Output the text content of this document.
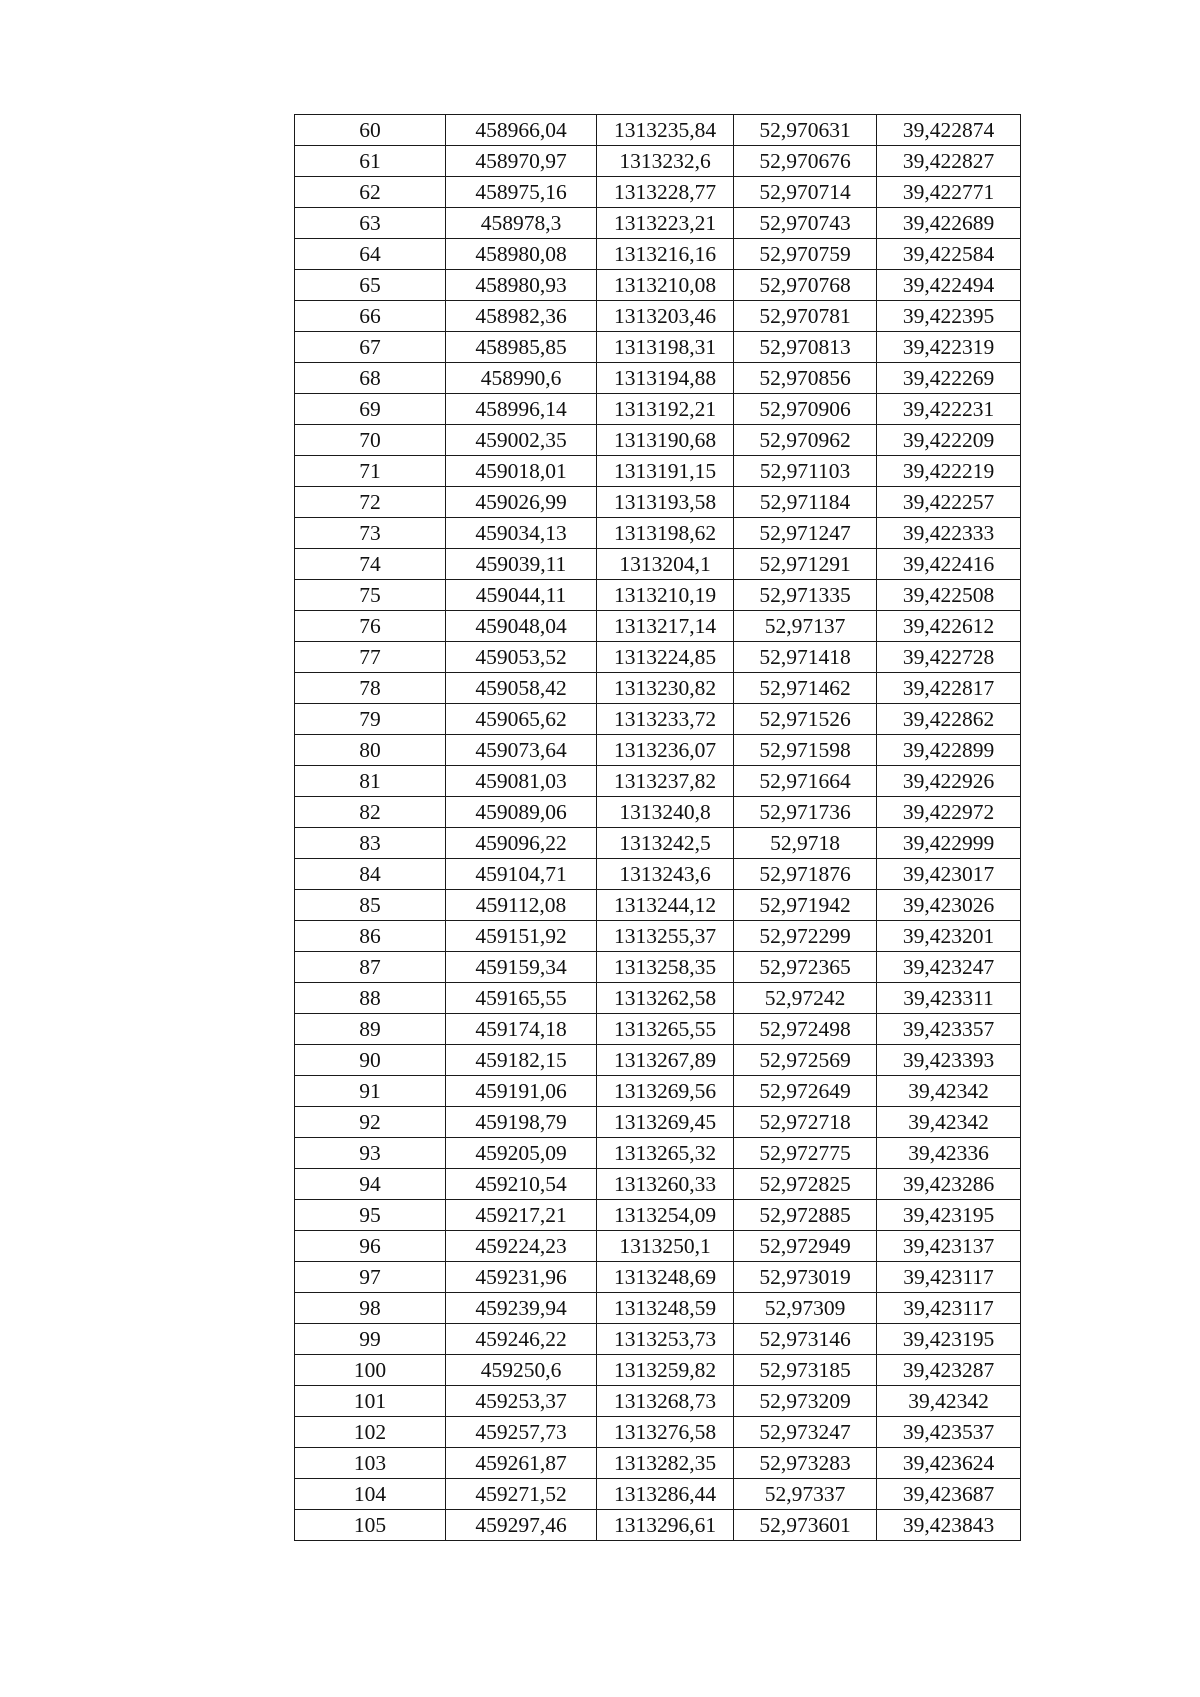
60	458966,04	1313235,84	52,970631	39,422874
61	458970,97	1313232,6	52,970676	39,422827
62	458975,16	1313228,77	52,970714	39,422771
63	458978,3	1313223,21	52,970743	39,422689
64	458980,08	1313216,16	52,970759	39,422584
65	458980,93	1313210,08	52,970768	39,422494
66	458982,36	1313203,46	52,970781	39,422395
67	458985,85	1313198,31	52,970813	39,422319
68	458990,6	1313194,88	52,970856	39,422269
69	458996,14	1313192,21	52,970906	39,422231
70	459002,35	1313190,68	52,970962	39,422209
71	459018,01	1313191,15	52,971103	39,422219
72	459026,99	1313193,58	52,971184	39,422257
73	459034,13	1313198,62	52,971247	39,422333
74	459039,11	1313204,1	52,971291	39,422416
75	459044,11	1313210,19	52,971335	39,422508
76	459048,04	1313217,14	52,97137	39,422612
77	459053,52	1313224,85	52,971418	39,422728
78	459058,42	1313230,82	52,971462	39,422817
79	459065,62	1313233,72	52,971526	39,422862
80	459073,64	1313236,07	52,971598	39,422899
81	459081,03	1313237,82	52,971664	39,422926
82	459089,06	1313240,8	52,971736	39,422972
83	459096,22	1313242,5	52,9718	39,422999
84	459104,71	1313243,6	52,971876	39,423017
85	459112,08	1313244,12	52,971942	39,423026
86	459151,92	1313255,37	52,972299	39,423201
87	459159,34	1313258,35	52,972365	39,423247
88	459165,55	1313262,58	52,97242	39,423311
89	459174,18	1313265,55	52,972498	39,423357
90	459182,15	1313267,89	52,972569	39,423393
91	459191,06	1313269,56	52,972649	39,42342
92	459198,79	1313269,45	52,972718	39,42342
93	459205,09	1313265,32	52,972775	39,42336
94	459210,54	1313260,33	52,972825	39,423286
95	459217,21	1313254,09	52,972885	39,423195
96	459224,23	1313250,1	52,972949	39,423137
97	459231,96	1313248,69	52,973019	39,423117
98	459239,94	1313248,59	52,97309	39,423117
99	459246,22	1313253,73	52,973146	39,423195
100	459250,6	1313259,82	52,973185	39,423287
101	459253,37	1313268,73	52,973209	39,42342
102	459257,73	1313276,58	52,973247	39,423537
103	459261,87	1313282,35	52,973283	39,423624
104	459271,52	1313286,44	52,97337	39,423687
105	459297,46	1313296,61	52,973601	39,423843
